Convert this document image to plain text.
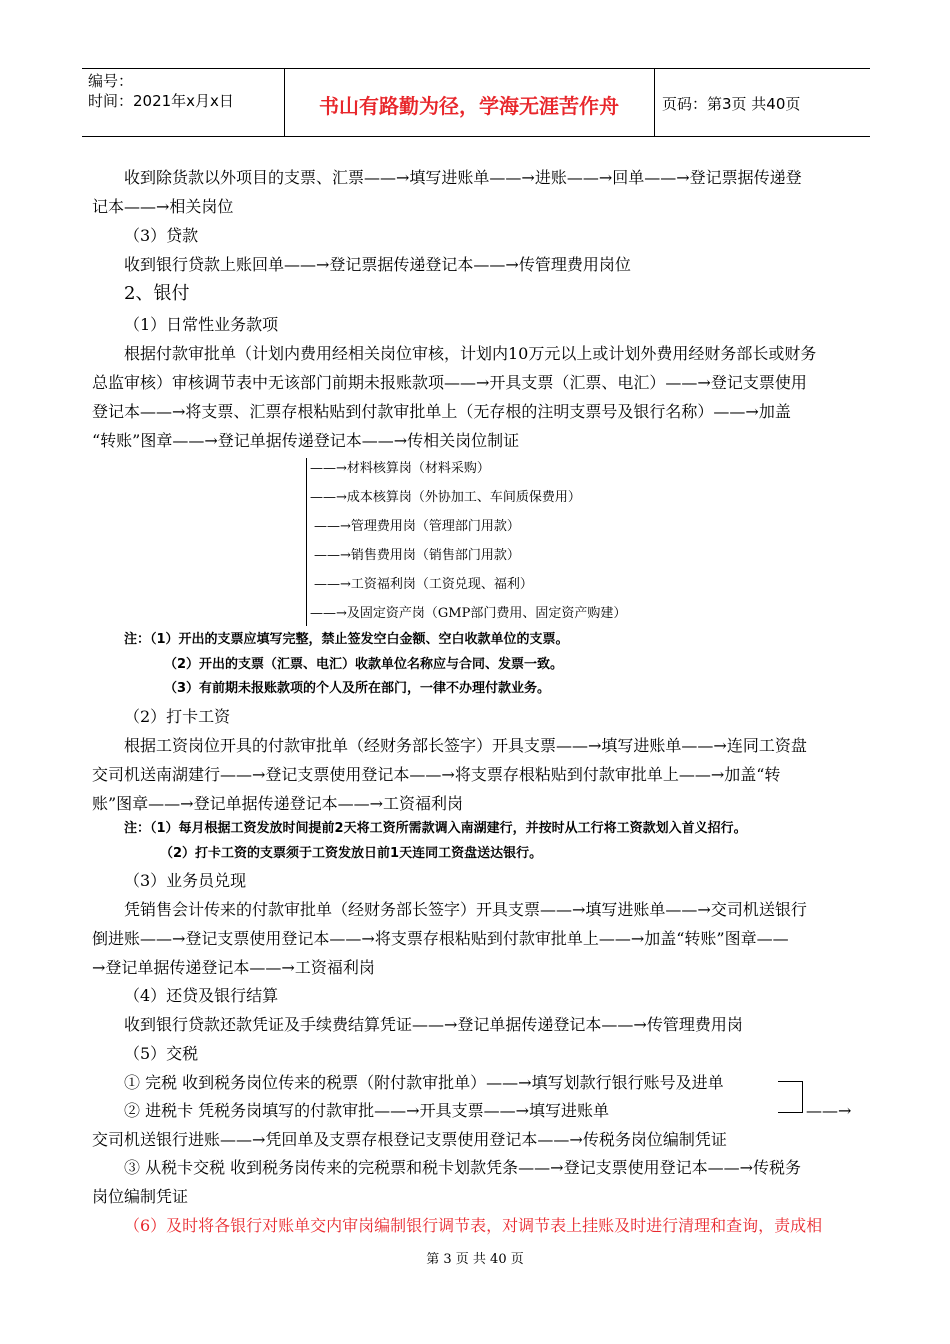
编号：
时间：2021年x月x日	书山有路勤为径，学海无涯苦作舟	页码：第3页 共40页
收到除货款以外项目的支票、汇票——→填写进账单——→进账——→回单——→登记票据传递登
记本——→相关岗位
（3）贷款
收到银行贷款上账回单——→登记票据传递登记本——→传管理费用岗位
2、银付
（1）日常性业务款项
根据付款审批单（计划内费用经相关岗位审核，计划内10万元以上或计划外费用经财务部长或财务
总监审核）审核调节表中无该部门前期未报账款项——→开具支票（汇票、电汇）——→登记支票使用
登记本——→将支票、汇票存根粘贴到付款审批单上（无存根的注明支票号及银行名称）——→加盖
“转账”图章——→登记单据传递登记本——→传相关岗位制证
——→材料核算岗（材料采购）
——→成本核算岗（外协加工、车间质保费用）
——→管理费用岗（管理部门用款）
——→销售费用岗（销售部门用款）
——→工资福利岗（工资兑现、福利）
——→及固定资产岗（GMP部门费用、固定资产购建）
注：（1）开出的支票应填写完整，禁止签发空白金额、空白收款单位的支票。
（2）开出的支票（汇票、电汇）收款单位名称应与合同、发票一致。
（3）有前期未报账款项的个人及所在部门，一律不办理付款业务。
（2）打卡工资
根据工资岗位开具的付款审批单（经财务部长签字）开具支票——→填写进账单——→连同工资盘
交司机送南湖建行——→登记支票使用登记本——→将支票存根粘贴到付款审批单上——→加盖“转
账”图章——→登记单据传递登记本——→工资福利岗
注：（1）每月根据工资发放时间提前2天将工资所需款调入南湖建行，并按时从工行将工资款划入首义招行。
（2）打卡工资的支票须于工资发放日前1天连同工资盘送达银行。
（3）业务员兑现
凭销售会计传来的付款审批单（经财务部长签字）开具支票——→填写进账单——→交司机送银行
倒进账——→登记支票使用登记本——→将支票存根粘贴到付款审批单上——→加盖“转账”图章——
→登记单据传递登记本——→工资福利岗
（4）还贷及银行结算
收到银行贷款还款凭证及手续费结算凭证——→登记单据传递登记本——→传管理费用岗
（5）交税
① 完税 收到税务岗位传来的税票（附付款审批单）——→填写划款行银行账号及进单
② 进税卡 凭税务岗填写的付款审批——→开具支票——→填写进账单	——→
交司机送银行进账——→凭回单及支票存根登记支票使用登记本——→传税务岗位编制凭证
③ 从税卡交税 收到税务岗传来的完税票和税卡划款凭条——→登记支票使用登记本——→传税务
岗位编制凭证
（6）及时将各银行对账单交内审岗编制银行调节表，对调节表上挂账及时进行清理和查询，责成相
第 3 页 共 40 页
